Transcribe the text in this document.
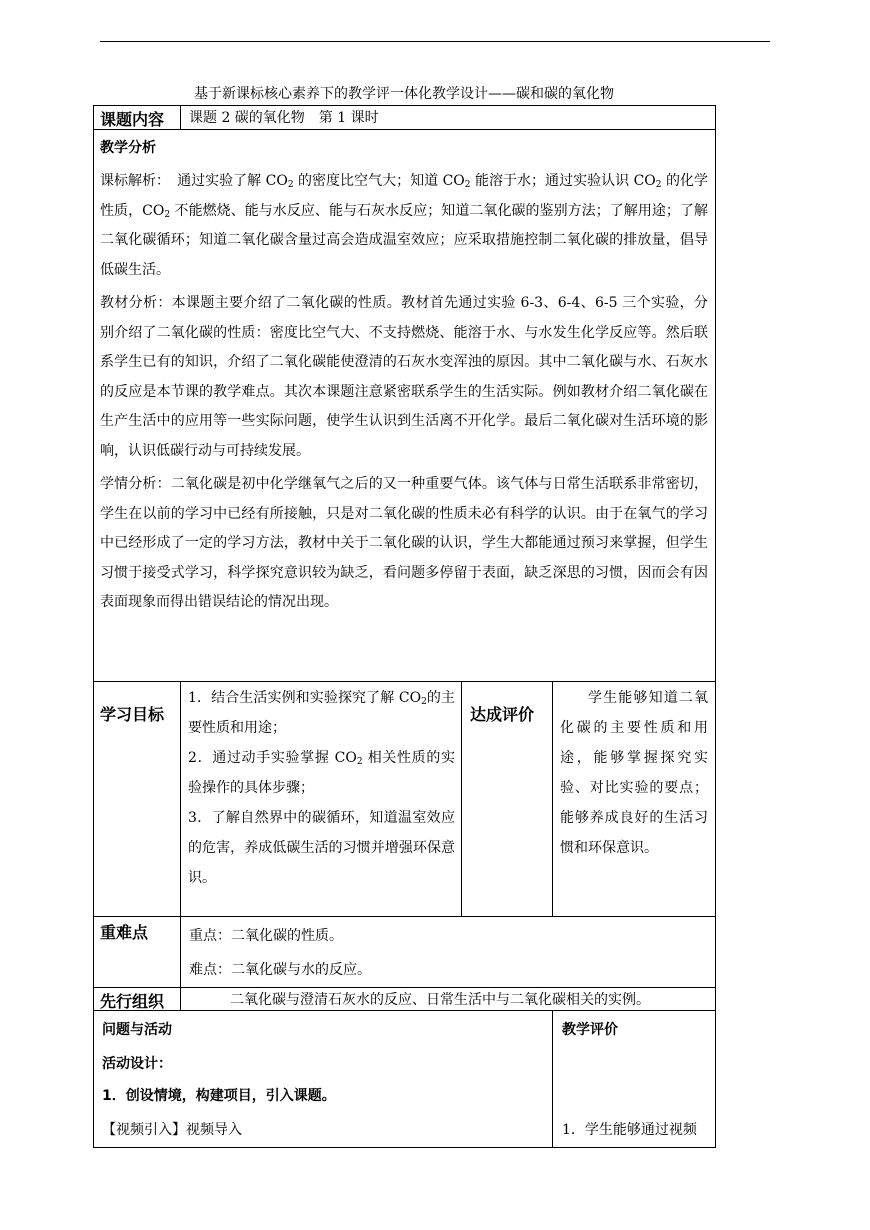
基于新课标核心素养下的教学评一体化教学设计——碳和碳的氧化物
课题内容 课题 2 碳的氧化物　第 1 课时
教学分析

课标解析：　通过实验了解 $CO_2$ 的密度比空气大；知道 $CO_2$ 能溶于水；通过实验认识 $CO_2$ 的化学性质，$CO_2$ 不能燃烧、能与水反应、能与石灰水反应；知道二氧化碳的鉴别方法；了解用途；了解二氧化碳循环；知道二氧化碳含量过高会造成温室效应；应采取措施控制二氧化碳的排放量，倡导低碳生活。

教材分析：本课题主要介绍了二氧化碳的性质。教材首先通过实验 6-3、6-4、6-5 三个实验，分别介绍了二氧化碳的性质：密度比空气大、不支持燃烧、能溶于水、与水发生化学反应等。然后联系学生已有的知识，介绍了二氧化碳能使澄清的石灰水变浑浊的原因。其中二氧化碳与水、石灰水的反应是本节课的教学难点。其次本课题注意紧密联系学生的生活实际。例如教材介绍二氧化碳在生产生活中的应用等一些实际问题，使学生认识到生活离不开化学。最后二氧化碳对生活环境的影响，认识低碳行动与可持续发展。

学情分析：二氧化碳是初中化学继氧气之后的又一种重要气体。该气体与日常生活联系非常密切，学生在以前的学习中已经有所接触，只是对二氧化碳的性质未必有科学的认识。由于在氧气的学习中已经形成了一定的学习方法，教材中关于二氧化碳的认识，学生大都能通过预习来掌握，但学生习惯于接受式学习，科学探究意识较为缺乏，看问题多停留于表面，缺乏深思的习惯，因而会有因表面现象而得出错误结论的情况出现。

学习目标
1．结合生活实例和实验探究了解 $CO_2$的主要性质和用途；
2．通过动手实验掌握 $CO_2$ 相关性质的实验操作的具体步骤；
3．了解自然界中的碳循环，知道温室效应的危害，养成低碳生活的习惯并增强环保意识。
达成评价
学生能够知道二氧化碳的主要性质和用途，能够掌握探究实验、对比实验的要点；能够养成良好的生活习惯和环保意识。
重难点	重点：二氧化碳的性质。
难点：二氧化碳与水的反应。
先行组织	二氧化碳与澄清石灰水的反应、日常生活中与二氧化碳相关的实例。
问题与活动
活动设计：
1．创设情境，构建项目，引入课题。
【视频引入】视频导入
教学评价
1．学生能够通过视频
